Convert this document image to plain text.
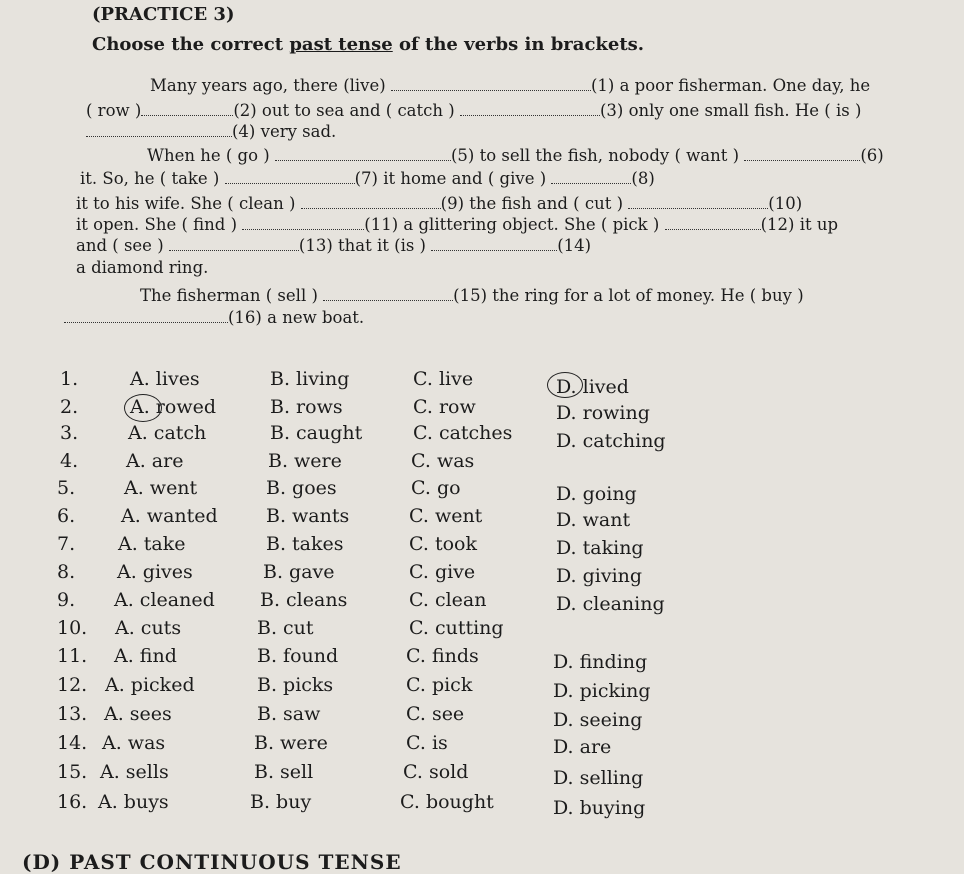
(PRACTICE 3)
Choose the correct past tense of the verbs in brackets.
Many years ago, there (live)	(1) a poor fisherman. One day, he
( row )	(2) out to sea and ( catch )	(3) only one small fish. He ( is )
(4) very sad.
When he ( go )	(5) to sell the fish, nobody ( want )	(6)
it. So, he ( take )	(7) it home and ( give )	(8)
it to his wife. She ( clean )	(9) the fish and ( cut )	(10)
it open. She ( find )	(11) a glittering object. She ( pick )	(12) it up
and ( see )	(13) that it (is )	(14)
a diamond ring.
The fisherman ( sell )	(15) the ring for a lot of money. He ( buy )
(16) a new boat.
1.	A. lives	B. living	C. live	D. lived
2.	A. rowed	B. rows	C. row	D. rowing
3.	A. catch	B. caught	C. catches D. catching
4.	A. are	B. were	C. was
5.	A. went	B. goes	C. go	D. going
6. A. wanted	B. wants	C. went	D. want
7. A. take	B. takes	C. took	D. taking
8. A. gives	B. gave	C. give	D. giving
9. A. cleaned B. cleans	C. clean	D. cleaning
10. A. cuts	B. cut	C. cutting
11. A. find	B. found	C. finds	D. finding
12. A. picked	B. picks	C. pick	D. picking
13. A. sees	B. saw	C. see	D. seeing
14. A. was	B. were	C. is	D. are
15. A. sells	B. sell	C. sold	D. selling
16. A. buys	B. buy	C. bought	D. buying
(D) PAST CONTINUOUS TENSE
